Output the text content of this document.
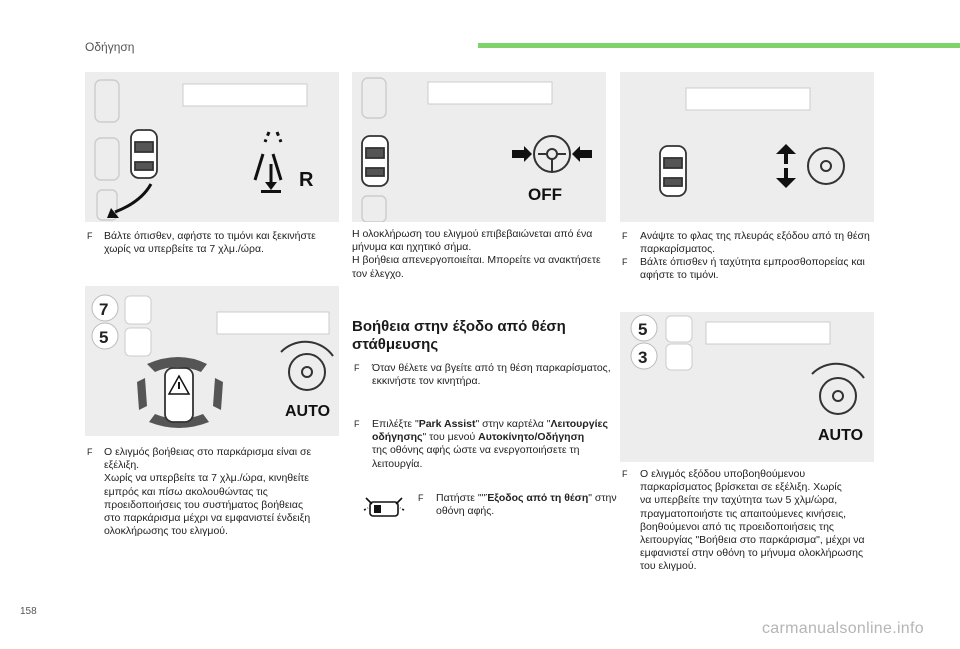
Οδήγηση
R
OFF
7
5
AUTO
5
3
AUTO
F Βάλτε όπισθεν, αφήστε το τιμόνι και ξεκινήστε
χωρίς να υπερβείτε τα 7 χλμ./ώρα.
F Ο ελιγμός βοήθειας στο παρκάρισμα είναι σε
εξέλιξη.
Χωρίς να υπερβείτε τα 7 χλμ./ώρα, κινηθείτε
εμπρός και πίσω ακολουθώντας τις
προειδοποιήσεις του συστήματος βοήθειας
στο παρκάρισμα μέχρι να εμφανιστεί ένδειξη
ολοκλήρωσης του ελιγμού.
Η ολοκλήρωση του ελιγμού επιβεβαιώνεται από ένα
μήνυμα και ηχητικό σήμα.
Η βοήθεια απενεργοποιείται. Μπορείτε να ανακτήσετε
τον έλεγχο.
Βοήθεια στην έξοδο από θέση
στάθμευσης
F Όταν θέλετε να βγείτε από τη θέση παρκαρίσματος,
εκκινήστε τον κινητήρα.
F Επιλέξτε "Park Assist" στην καρτέλα "Λειτουργίες
οδήγησης" του μενού Αυτοκίνητο/Οδήγηση
της οθόνης αφής ώστε να ενεργοποιήσετε τη
λειτουργία.
F Πατήστε ""Έξοδος από τη θέση" στην
οθόνη αφής.
F Ανάψτε το φλας της πλευράς εξόδου από τη θέση
παρκαρίσματος.
F Βάλτε όπισθεν ή ταχύτητα εμπροσθοπορείας και
αφήστε το τιμόνι.
F Ο ελιγμός εξόδου υποβοηθούμενου
παρκαρίσματος βρίσκεται σε εξέλιξη. Χωρίς
να υπερβείτε την ταχύτητα των 5 χλμ/ώρα,
πραγματοποιήστε τις απαιτούμενες κινήσεις,
βοηθούμενοι από τις προειδοποιήσεις της
λειτουργίας "Βοήθεια στο παρκάρισμα", μέχρι να
εμφανιστεί στην οθόνη το μήνυμα ολοκλήρωσης
του ελιγμού.
158
carmanualsonline.info
